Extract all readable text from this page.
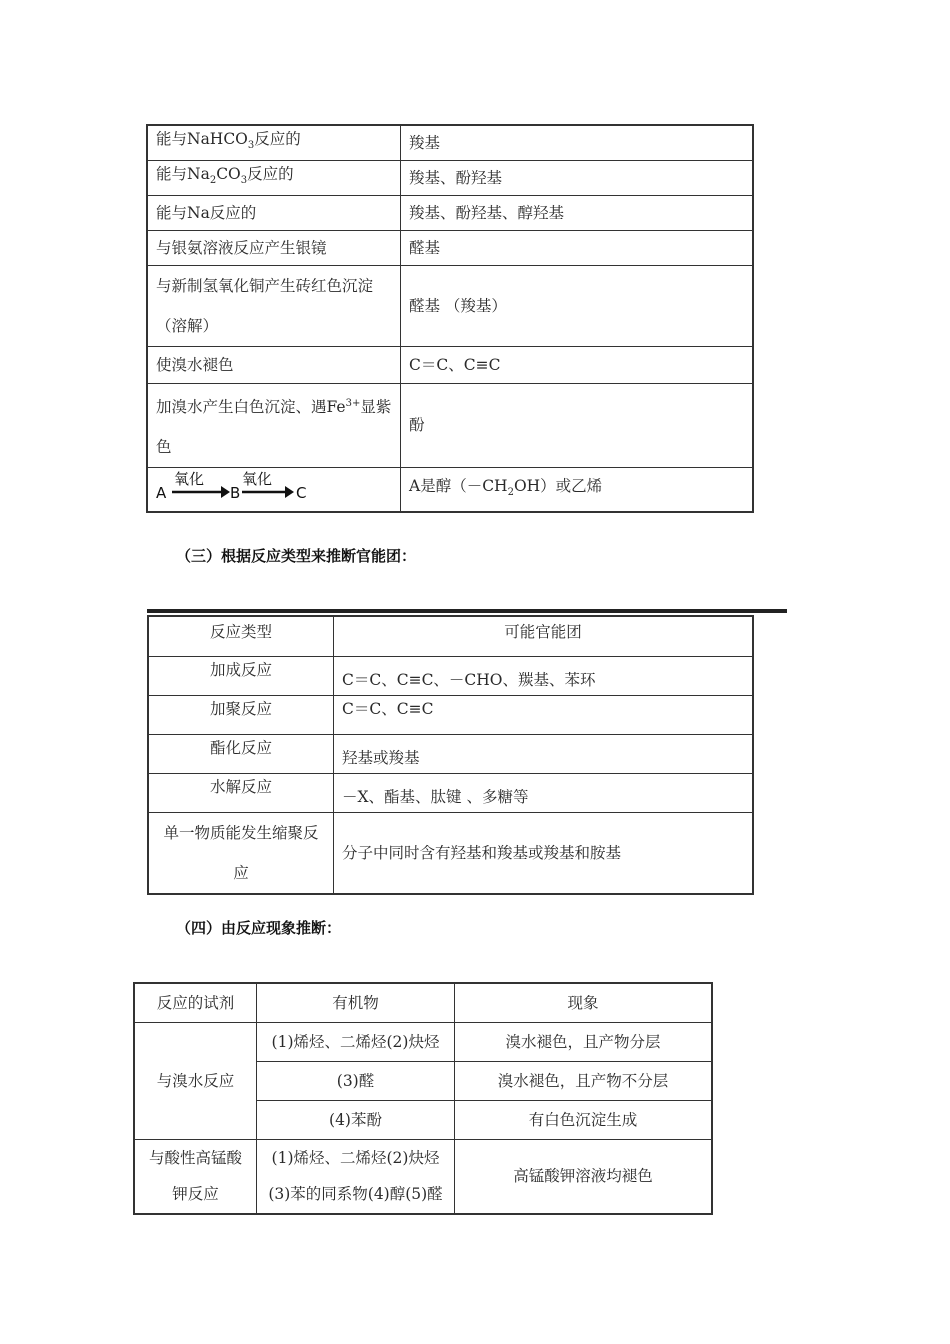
能与NaHCO$_3$反应的	羧基
能与$Na_2CO_3$反应的	羧基、酚羟基
能与Na反应的	羧基、酚羟基、醇羟基
与银氨溶液反应产生银镜	醛基
与新制氢氧化铜产生砖红色沉淀（溶解）	醛基 （羧基）
使溴水褪色	C＝C、C≡C
加溴水产生白色沉淀、遇$Fe^{3+}$显紫色	酚

A
氧化
B
氧化
C	A是醇$(-CH_2OH)$或乙烯
（三）根据反应类型来推断官能团：
反应类型	可能官能团
加成反应	C＝C、C≡C、－CHO、羰基、苯环
加聚反应	C＝C、C≡C
酯化反应	羟基或羧基
水解反应	－X、酯基、肽键 、多糖等
单一物质能发生缩聚反应	分子中同时含有羟基和羧基或羧基和胺基
（四）由反应现象推断：
反应的试剂	有机物	现象
与溴水反应	(1)烯烃、二烯烃(2)炔烃	溴水褪色，且产物分层
	(3)醛	溴水褪色，且产物不分层
	(4)苯酚	有白色沉淀生成
与酸性高锰酸钾反应	(1)烯烃、二烯烃(2)炔烃(3)苯的同系物(4)醇(5)醛	高锰酸钾溶液均褪色
